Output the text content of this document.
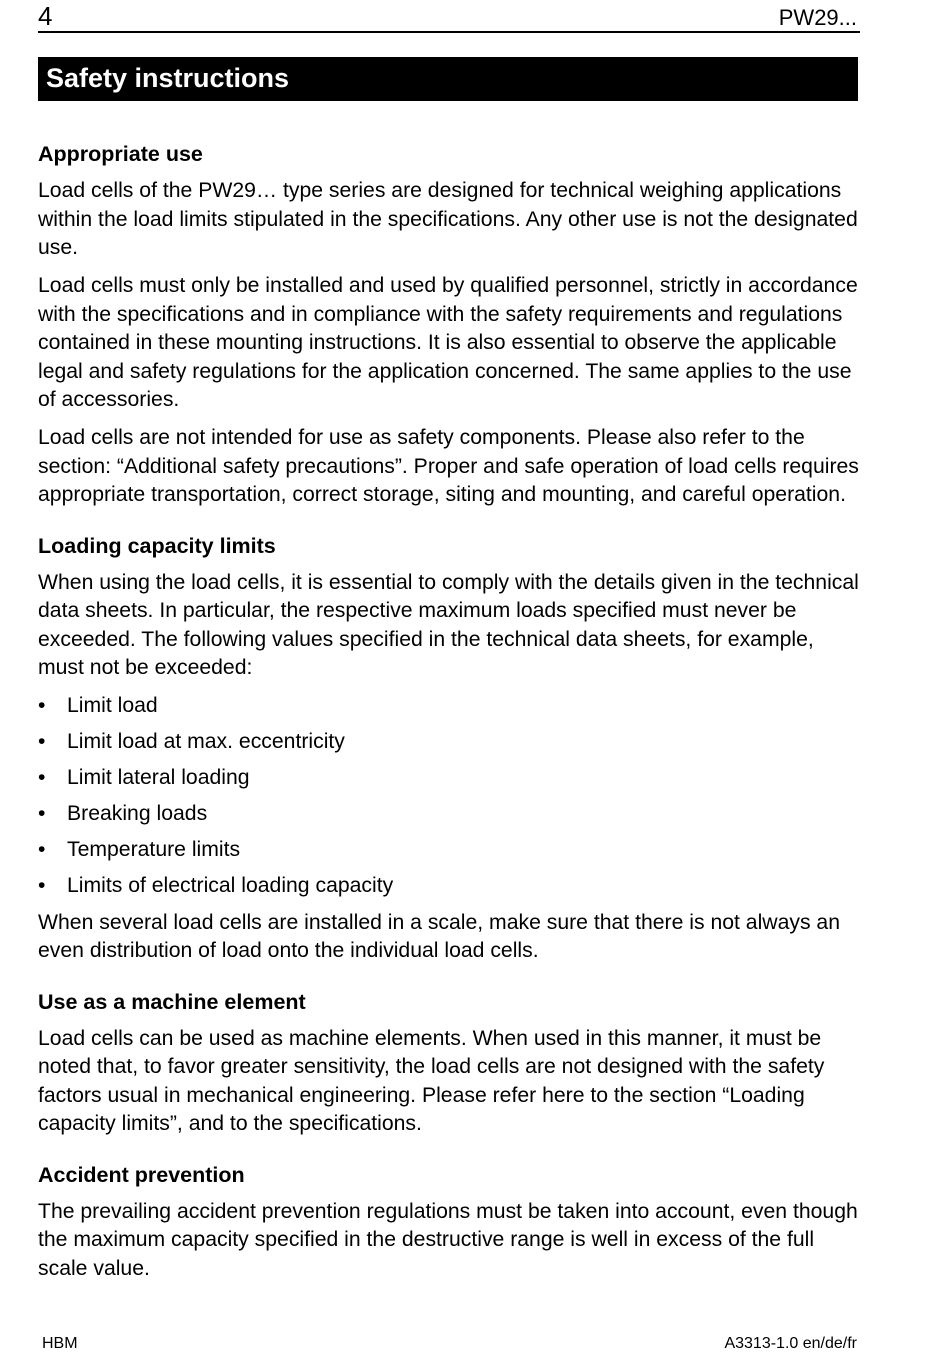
4	PW29...
Safety instructions
Appropriate use

Load cells of the PW29… type series are designed for technical weighing applications within the load limits stipulated in the specifications. Any other use is not the designated use.

Load cells must only be installed and used by qualified personnel, strictly in accordance with the specifications and in compliance with the safety requirements and regulations contained in these mounting instructions. It is also essential to observe the applicable legal and safety regulations for the application concerned. The same applies to the use of accessories.

Load cells are not intended for use as safety components. Please also refer to the section: “Additional safety precautions”. Proper and safe operation of load cells requires appropriate transportation, correct storage, siting and mounting, and careful operation.

Loading capacity limits

When using the load cells, it is essential to comply with the details given in the technical data sheets. In particular, the respective maximum loads specified must never be exceeded. The following values specified in the technical data sheets, for example, must not be exceeded:

• Limit load
• Limit load at max. eccentricity
• Limit lateral loading
• Breaking loads
• Temperature limits
• Limits of electrical loading capacity

When several load cells are installed in a scale, make sure that there is not always an even distribution of load onto the individual load cells.

Use as a machine element

Load cells can be used as machine elements. When used in this manner, it must be noted that, to favor greater sensitivity, the load cells are not designed with the safety factors usual in mechanical engineering. Please refer here to the section “Loading capacity limits”, and to the specifications.

Accident prevention

The prevailing accident prevention regulations must be taken into account, even though the maximum capacity specified in the destructive range is well in excess of the full scale value.

HBM	A3313-1.0 en/de/fr
